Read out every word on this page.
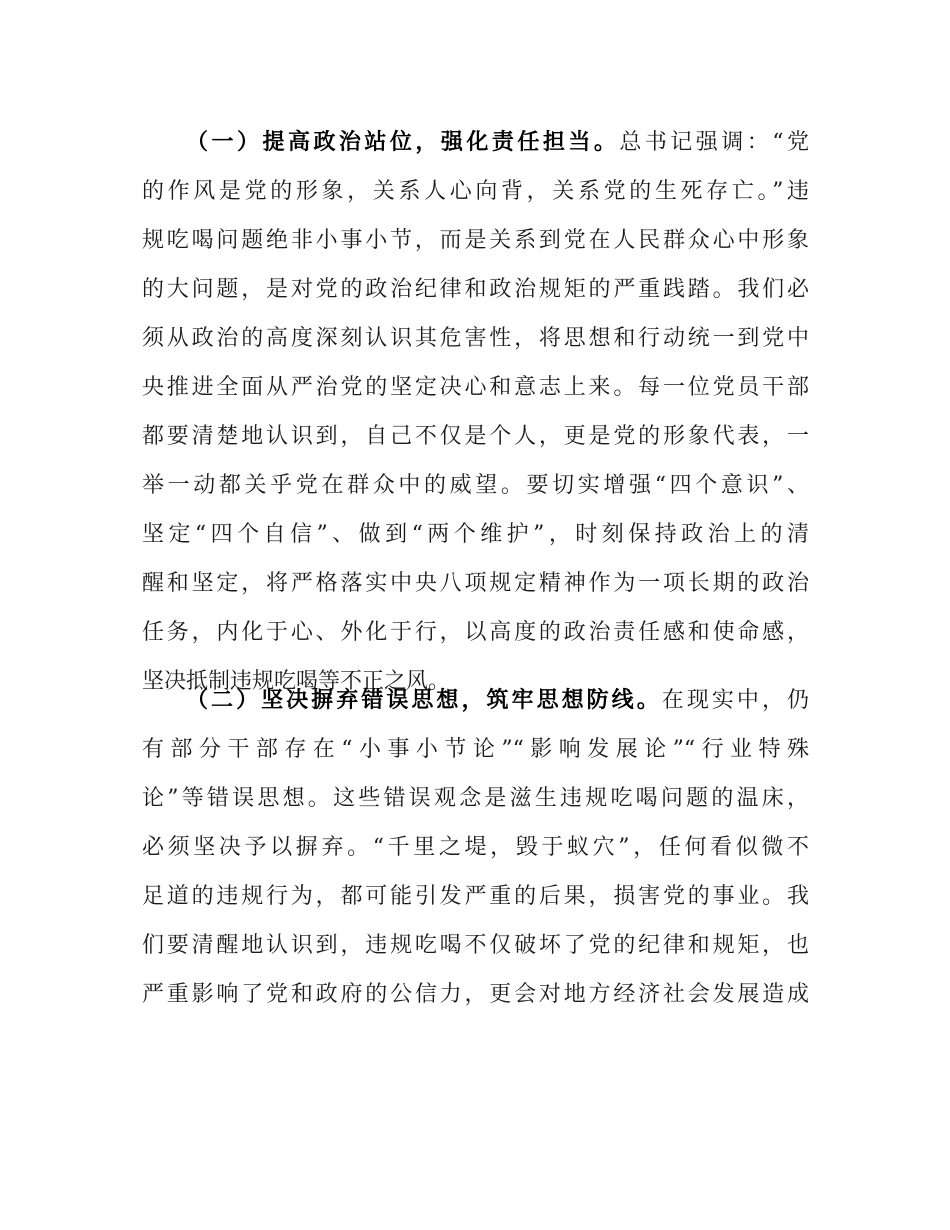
（一）提高政治站位，强化责任担当。总书记强调：“党
的作风是党的形象，关系人心向背，关系党的生死存亡。”违
规吃喝问题绝非小事小节，而是关系到党在人民群众心中形象
的大问题，是对党的政治纪律和政治规矩的严重践踏。我们必
须从政治的高度深刻认识其危害性，将思想和行动统一到党中
央推进全面从严治党的坚定决心和意志上来。每一位党员干部
都要清楚地认识到，自己不仅是个人，更是党的形象代表，一
举一动都关乎党在群众中的威望。要切实增强“四个意识”、
坚定“四个自信”、做到“两个维护”，时刻保持政治上的清
醒和坚定，将严格落实中央八项规定精神作为一项长期的政治
任务，内化于心、外化于行，以高度的政治责任感和使命感，
坚决抵制违规吃喝等不正之风。
（二）坚决摒弃错误思想，筑牢思想防线。在现实中，仍
有部分干部存在“小事小节论”“影响发展论”“行业特殊
论”等错误思想。这些错误观念是滋生违规吃喝问题的温床，
必须坚决予以摒弃。“千里之堤，毁于蚁穴”，任何看似微不
足道的违规行为，都可能引发严重的后果，损害党的事业。我
们要清醒地认识到，违规吃喝不仅破坏了党的纪律和规矩，也
严重影响了党和政府的公信力，更会对地方经济社会发展造成
